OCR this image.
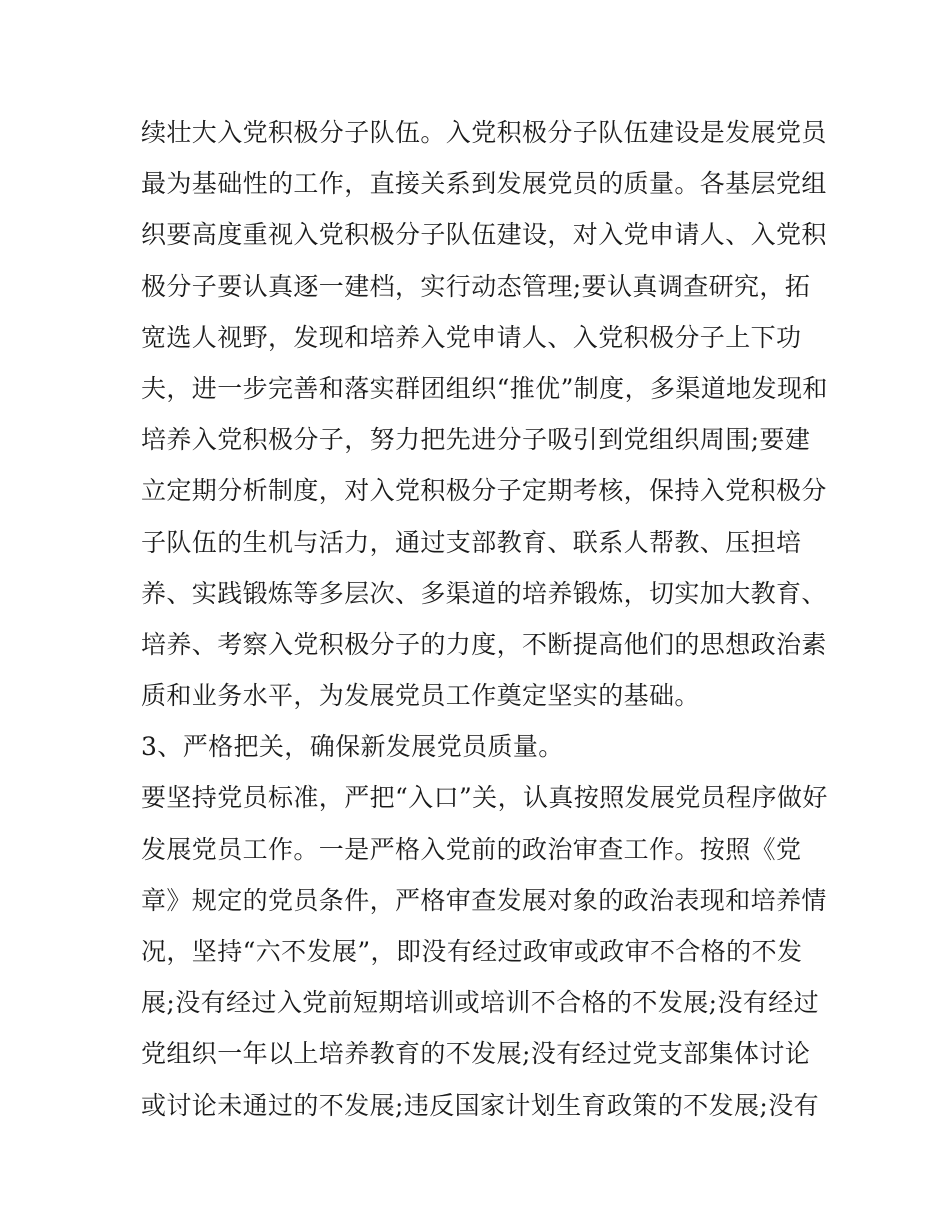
续壮大入党积极分子队伍。入党积极分子队伍建设是发展党员
最为基础性的工作，直接关系到发展党员的质量。各基层党组
织要高度重视入党积极分子队伍建设，对入党申请人、入党积
极分子要认真逐一建档，实行动态管理;要认真调查研究，拓
宽选人视野，发现和培养入党申请人、入党积极分子上下功
夫，进一步完善和落实群团组织“推优”制度，多渠道地发现和
培养入党积极分子，努力把先进分子吸引到党组织周围;要建
立定期分析制度，对入党积极分子定期考核，保持入党积极分
子队伍的生机与活力，通过支部教育、联系人帮教、压担培
养、实践锻炼等多层次、多渠道的培养锻炼，切实加大教育、
培养、考察入党积极分子的力度，不断提高他们的思想政治素
质和业务水平，为发展党员工作奠定坚实的基础。
3、严格把关，确保新发展党员质量。
要坚持党员标准，严把“入口”关，认真按照发展党员程序做好
发展党员工作。一是严格入党前的政治审查工作。按照《党
章》规定的党员条件，严格审查发展对象的政治表现和培养情
况，坚持“六不发展”，即没有经过政审或政审不合格的不发
展;没有经过入党前短期培训或培训不合格的不发展;没有经过
党组织一年以上培养教育的不发展;没有经过党支部集体讨论
或讨论未通过的不发展;违反国家计划生育政策的不发展;没有
